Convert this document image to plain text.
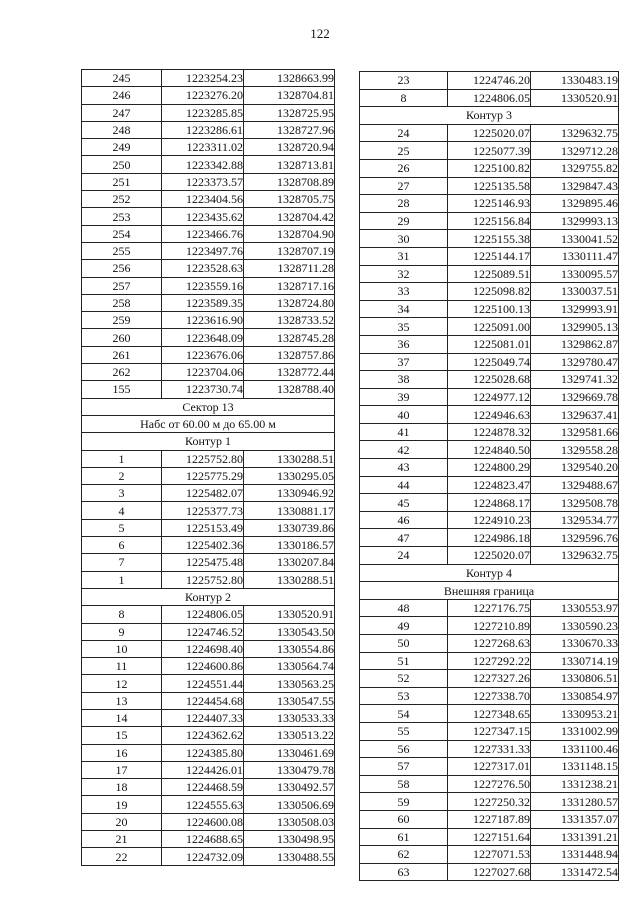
122
245	1223254.23	1328663.99
246	1223276.20	1328704.81
247	1223285.85	1328725.95
248	1223286.61	1328727.96
249	1223311.02	1328720.94
250	1223342.88	1328713.81
251	1223373.57	1328708.89
252	1223404.56	1328705.75
253	1223435.62	1328704.42
254	1223466.76	1328704.90
255	1223497.76	1328707.19
256	1223528.63	1328711.28
257	1223559.16	1328717.16
258	1223589.35	1328724.80
259	1223616.90	1328733.52
260	1223648.09	1328745.28
261	1223676.06	1328757.86
262	1223704.06	1328772.44
155	1223730.74	1328788.40
Сектор 13		
Набс от 60.00 м до 65.00 м		
Контур 1		
1	1225752.80	1330288.51
2	1225775.29	1330295.05
3	1225482.07	1330946.92
4	1225377.73	1330881.17
5	1225153.49	1330739.86
6	1225402.36	1330186.57
7	1225475.48	1330207.84
1	1225752.80	1330288.51
Контур 2		
8	1224806.05	1330520.91
9	1224746.52	1330543.50
10	1224698.40	1330554.86
11	1224600.86	1330564.74
12	1224551.44	1330563.25
13	1224454.68	1330547.55
14	1224407.33	1330533.33
15	1224362.62	1330513.22
16	1224385.80	1330461.69
17	1224426.01	1330479.78
18	1224468.59	1330492.57
19	1224555.63	1330506.69
20	1224600.08	1330508.03
21	1224688.65	1330498.95
22	1224732.09	1330488.55
23	1224746.20	1330483.19
8	1224806.05	1330520.91
Контур 3		
24	1225020.07	1329632.75
25	1225077.39	1329712.28
26	1225100.82	1329755.82
27	1225135.58	1329847.43
28	1225146.93	1329895.46
29	1225156.84	1329993.13
30	1225155.38	1330041.52
31	1225144.17	1330111.47
32	1225089.51	1330095.57
33	1225098.82	1330037.51
34	1225100.13	1329993.91
35	1225091.00	1329905.13
36	1225081.01	1329862.87
37	1225049.74	1329780.47
38	1225028.68	1329741.32
39	1224977.12	1329669.78
40	1224946.63	1329637.41
41	1224878.32	1329581.66
42	1224840.50	1329558.28
43	1224800.29	1329540.20
44	1224823.47	1329488.67
45	1224868.17	1329508.78
46	1224910.23	1329534.77
47	1224986.18	1329596.76
24	1225020.07	1329632.75
Контур 4		
Внешняя граница		
48	1227176.75	1330553.97
49	1227210.89	1330590.23
50	1227268.63	1330670.33
51	1227292.22	1330714.19
52	1227327.26	1330806.51
53	1227338.70	1330854.97
54	1227348.65	1330953.21
55	1227347.15	1331002.99
56	1227331.33	1331100.46
57	1227317.01	1331148.15
58	1227276.50	1331238.21
59	1227250.32	1331280.57
60	1227187.89	1331357.07
61	1227151.64	1331391.21
62	1227071.53	1331448.94
63	1227027.68	1331472.54
